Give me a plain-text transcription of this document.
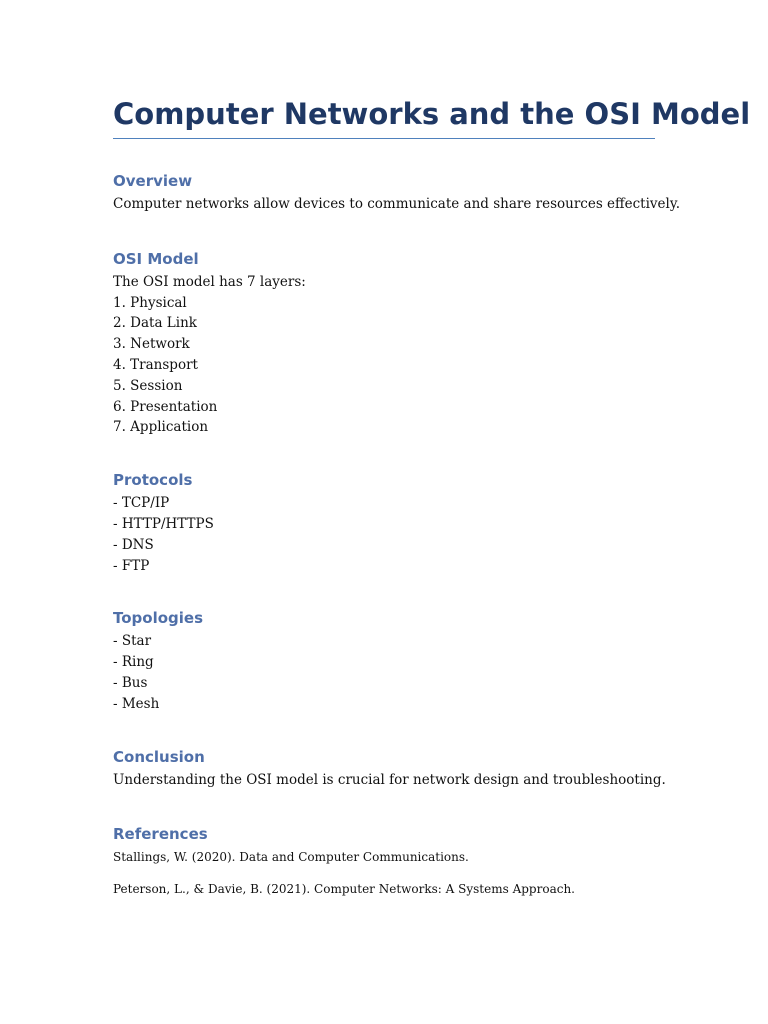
Computer Networks and the OSI Model
Overview

Computer networks allow devices to communicate and share resources effectively.

OSI Model

The OSI model has 7 layers:

1. Physical

2. Data Link

3. Network

4. Transport

5. Session

6. Presentation

7. Application

Protocols

- TCP/IP

- HTTP/HTTPS

- DNS

- FTP

Topologies

- Star

- Ring

- Bus

- Mesh

Conclusion

Understanding the OSI model is crucial for network design and troubleshooting.

References

Stallings, W. (2020). Data and Computer Communications.

Peterson, L., & Davie, B. (2021). Computer Networks: A Systems Approach.
